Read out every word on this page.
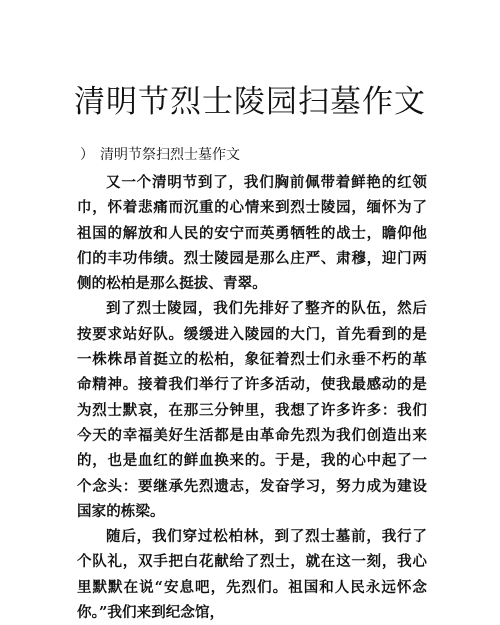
清明节烈士陵园扫墓作文

） 清明节祭扫烈士墓作文

又一个清明节到了，我们胸前佩带着鲜艳的红领巾，怀着悲痛而沉重的心情来到烈士陵园，缅怀为了祖国的解放和人民的安宁而英勇牺牲的战士，瞻仰他们的丰功伟绩。烈士陵园是那么庄严、肃穆，迎门两侧的松柏是那么挺拔、青翠。

到了烈士陵园，我们先排好了整齐的队伍，然后按要求站好队。缓缓进入陵园的大门，首先看到的是一株株昂首挺立的松柏，象征着烈士们永垂不朽的革命精神。接着我们举行了许多活动，使我最感动的是为烈士默哀，在那三分钟里，我想了许多许多：我们今天的幸福美好生活都是由革命先烈为我们创造出来的，也是血红的鲜血换来的。于是，我的心中起了一个念头：要继承先烈遗志，发奋学习，努力成为建设国家的栋梁。

随后，我们穿过松柏林，到了烈士墓前，我行了个队礼，双手把白花献给了烈士，就在这一刻，我心里默默在说“安息吧，先烈们。祖国和人民永远怀念你。”我们来到纪念馆，
